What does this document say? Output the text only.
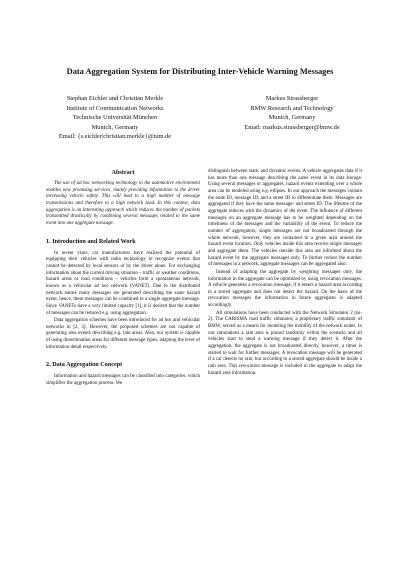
Data Aggregation System for Distributing Inter-Vehicle Warning Messages
Stephan Eichler and Christian Merkle
Institute of Communication Networks
Technische Universität München
Munich, Germany
Email: {s.eichler|christian.merkle}@tum.de
Markus Strassberger
BMW Research and Technology
Munich, Germany
Email: markus.strassberger@bmw.de
Abstract

The use of ad hoc networking technology in the automotive environment enables new promising services, mainly providing information to the driver increasing vehicle safety. This will lead to a high number of message transmissions and therefore to a high network load. In this context, data aggregation is an interesting approach which reduces the number of packets transmitted drastically by combining several messages related to the same event into one aggregate message.

1. Introduction and Related Work

In recent years, car manufacturers have realized the potential of equipping their vehicles with radio technology to recognize events that cannot be detected by local sensors or by the driver alone. For exchanging information about the current driving situation – traffic or weather conditions, hazard areas or road conditions – vehicles form a spontaneous network, known as a vehicular ad hoc network (VANET). Due to the distributed network nature many messages are generated describing the same hazard event, hence, these messages can be combined to a single aggregate message. Since VANETs have a very limited capacity [1], it is desired that the number of messages can be reduced e.g. using aggregation.

Data aggregation schemes have been introduced for ad hoc and vehicular networks in [2, 3]. However, the proposed schemes are not capable of generating area events describing e.g. rain areas. Also, our system is capable of using dissemination areas for different message types, adapting the level of information detail respectively.

2. Data Aggregation Concept

Information and hazard messages can be classified into categories, which simplifies the aggregation process. We

distinguish between static and dynamic events. A vehicle aggregates data if it has more than one message describing the same event in its data storage. Using several messages or aggregates, hazard events extending over a whole area can be modeled using e.g. ellipses. In our approach the messages contain the node ID, message ID, and a street ID to differentiate them. Messages are aggregated if they have the same message- and street ID. The lifetime of the aggregate reduces with the dynamics of the event. The influence of different messages on an aggregate message has to be weighted depending on the timeliness of the messages and the variability of the event. To reduce the number of aggregators, single messages are not broadcasted through the whole network, however, they are contained in a given area around the hazard event location. Only vehicles inside this area receive single messages and aggregate them. The vehicles outside this area are informed about the hazard event by the aggregate messages only. To further reduce the number of messages in a network, aggregate messages can be aggregated also.

Instead of adapting the aggregate by weighting messages only, the information in the aggregate can be optimized by using revocation messages. A vehicle generates a revocation message, if it enters a hazard area according to a stored aggregate and does not detect the hazard. On the basis of the revocation messages the information in future aggregates is adapted accordingly.

All simulations have been conducted with the Network Simulator 2 (ns-2). The CARISMA road traffic simulator, a proprietary traffic simulator of BMW, served as a means for modeling the mobility of the network nodes. In our simulations a rain area is placed randomly within the scenario and all vehicles start to send a warning message if they detect it. After the aggregation, the aggregate is not broadcasted directly, however, a timer is started to wait for further messages. A revocation message will be generated if a car detects no rain, but according to a stored aggregate should be inside a rain area. This revocation message is included in the aggregate to adapt the hazard area information.
